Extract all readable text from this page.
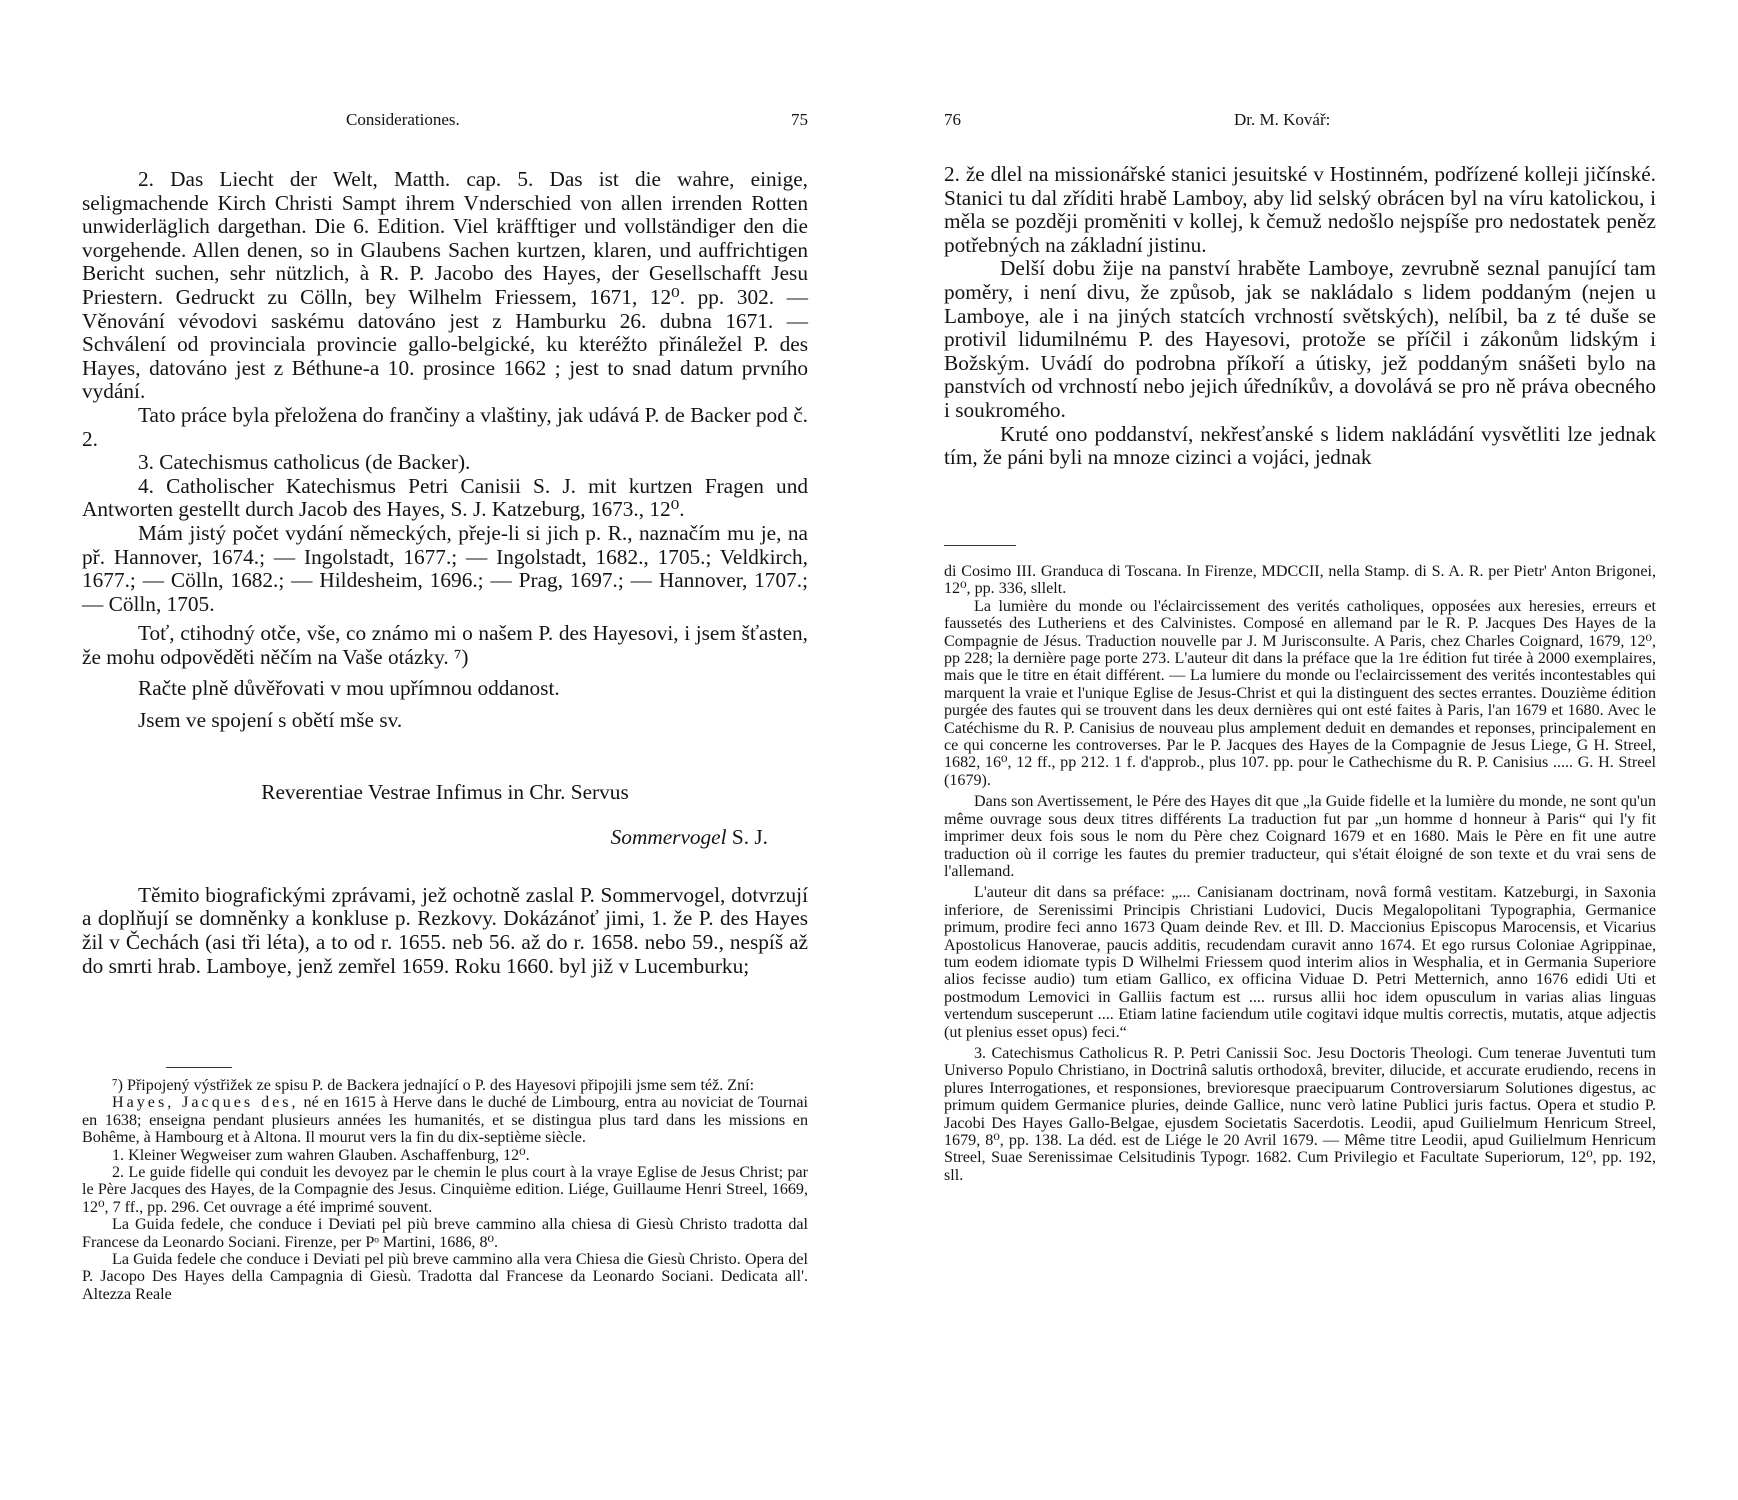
Considerationes.	75

2. Das Liecht der Welt, Matth. cap. 5. Das ist die wahre, einige, seligmachende Kirch Christi Sampt ihrem Vnderschied von allen irrenden Rotten unwiderläglich dargethan. Die 6. Edition. Viel kräfftiger und vollständiger den die vorgehende. Allen denen, so in Glaubens Sachen kurtzen, klaren, und auffrichtigen Bericht suchen, sehr nützlich, à R. P. Jacobo des Hayes, der Gesellschafft Jesu Priestern. Gedruckt zu Cölln, bey Wilhelm Friessem, 1671, 12⁰. pp. 302. — Věnování vévodovi saskému datováno jest z Hamburku 26. dubna 1671. — Schválení od provinciala provincie gallo-belgické, ku kteréžto přináležel P. des Hayes, datováno jest z Béthune-a 10. prosince 1662 ; jest to snad datum prvního vydání.

Tato práce byla přeložena do frančiny a vlaštiny, jak udává P. de Backer pod č. 2.

3. Catechismus catholicus (de Backer).

4. Catholischer Katechismus Petri Canisii S. J. mit kurtzen Fragen und Antworten gestellt durch Jacob des Hayes, S. J. Katzeburg, 1673., 12⁰.

Mám jistý počet vydání německých, přeje-li si jich p. R., naznačím mu je, na př. Hannover, 1674.; — Ingolstadt, 1677.; — Ingolstadt, 1682., 1705.; Veldkirch, 1677.; — Cölln, 1682.; — Hildesheim, 1696.; — Prag, 1697.; — Hannover, 1707.; — Cölln, 1705.

Toť, ctihodný otče, vše, co známo mi o našem P. des Hayesovi, i jsem šťasten, že mohu odpověděti něčím na Vaše otázky. ⁷)

Račte plně důvěřovati v mou upřímnou oddanost.

Jsem ve spojení s obětí mše sv.

Reverentiae Vestrae Infimus in Chr. Servus

Sommervogel S. J.

Těmito biografickými zprávami, jež ochotně zaslal P. Sommervogel, dotvrzují a doplňují se domněnky a konkluse p. Rezkovy. Dokázánoť jimi, 1. že P. des Hayes žil v Čechách (asi tři léta), a to od r. 1655. neb 56. až do r. 1658. nebo 59., nespíš až do smrti hrab. Lamboye, jenž zemřel 1659. Roku 1660. byl již v Lucemburku;

⁷) Připojený výstřižek ze spisu P. de Backera jednající o P. des Hayesovi připojili jsme sem též. Zní:

Hayes, Jacques des, né en 1615 à Herve dans le duché de Limbourg, entra au noviciat de Tournai en 1638; enseigna pendant plusieurs années les humanités, et se distingua plus tard dans les missions en Bohême, à Hambourg et à Altona. Il mourut vers la fin du dix-septième siècle.

1. Kleiner Wegweiser zum wahren Glauben. Aschaffenburg, 12⁰.

2. Le guide fidelle qui conduit les devoyez par le chemin le plus court à la vraye Eglise de Jesus Christ; par le Père Jacques des Hayes, de la Compagnie des Jesus. Cinquième edition. Liége, Guillaume Henri Streel, 1669, 12⁰, 7 ff., pp. 296. Cet ouvrage a été imprimé souvent.

La Guida fedele, che conduce i Deviati pel più breve cammino alla chiesa di Giesù Christo tradotta dal Francese da Leonardo Sociani. Firenze, per Pᵒ Martini, 1686, 8⁰.

La Guida fedele che conduce i Deviati pel più breve cammino alla vera Chiesa die Giesù Christo. Opera del P. Jacopo Des Hayes della Campagnia di Giesù. Tradotta dal Francese da Leonardo Sociani. Dedicata all'. Altezza Reale

76	Dr. M. Kovář:

2. že dlel na missionářské stanici jesuitské v Hostinném, podřízené kolleji jičínské. Stanici tu dal zříditi hrabě Lamboy, aby lid selský obrácen byl na víru katolickou, i měla se později proměniti v kollej, k čemuž nedošlo nejspíše pro nedostatek peněz potřebných na základní jistinu.

Delší dobu žije na panství hraběte Lamboye, zevrubně seznal panující tam poměry, i není divu, že způsob, jak se nakládalo s lidem poddaným (nejen u Lamboye, ale i na jiných statcích vrchností světských), nelíbil, ba z té duše se protivil lidumilnému P. des Hayesovi, protože se příčil i zákonům lidským i Božským. Uvádí do podrobna příkoří a útisky, jež poddaným snášeti bylo na panstvích od vrchností nebo jejich úředníkův, a dovolává se pro ně práva obecného i soukromého.

Kruté ono poddanství, nekřesťanské s lidem nakládání vysvětliti lze jednak tím, že páni byli na mnoze cizinci a vojáci, jednak

di Cosimo III. Granduca di Toscana. In Firenze, MDCCII, nella Stamp. di S. A. R. per Pietr' Anton Brigonei, 12⁰, pp. 336, sllelt.

La lumière du monde ou l'éclaircissement des verités catholiques, opposées aux heresies, erreurs et faussetés des Lutheriens et des Calvinistes. Composé en allemand par le R. P. Jacques Des Hayes de la Compagnie de Jésus. Traduction nouvelle par J. M Jurisconsulte. A Paris, chez Charles Coignard, 1679, 12⁰, pp 228; la dernière page porte 273. L'auteur dit dans la préface que la 1re édition fut tirée à 2000 exemplaires, mais que le titre en était différent. — La lumiere du monde ou l'eclaircissement des verités incontestables qui marquent la vraie et l'unique Eglise de Jesus-Christ et qui la distinguent des sectes errantes. Douzième édition purgée des fautes qui se trouvent dans les deux dernières qui ont esté faites à Paris, l'an 1679 et 1680. Avec le Catéchisme du R. P. Canisius de nouveau plus amplement deduit en demandes et reponses, principalement en ce qui concerne les controverses. Par le P. Jacques des Hayes de la Compagnie de Jesus Liege, G H. Streel, 1682, 16⁰, 12 ff., pp 212. 1 f. d'approb., plus 107. pp. pour le Cathechisme du R. P. Canisius ..... G. H. Streel (1679).

Dans son Avertissement, le Pére des Hayes dit que „la Guide fidelle et la lumière du monde, ne sont qu'un même ouvrage sous deux titres différents La traduction fut par „un homme d honneur à Paris“ qui l'y fit imprimer deux fois sous le nom du Père chez Coignard 1679 et en 1680. Mais le Père en fit une autre traduction où il corrige les fautes du premier traducteur, qui s'était éloigné de son texte et du vrai sens de l'allemand.

L'auteur dit dans sa préface: „... Canisianam doctrinam, novâ formâ vestitam. Katzeburgi, in Saxonia inferiore, de Serenissimi Principis Christiani Ludovici, Ducis Megalopolitani Typographia, Germanice primum, prodire feci anno 1673 Quam deinde Rev. et Ill. D. Maccionius Episcopus Marocensis, et Vicarius Apostolicus Hanoverae, paucis additis, recudendam curavit anno 1674. Et ego rursus Coloniae Agrippinae, tum eodem idiomate typis D Wilhelmi Friessem quod interim alios in Wesphalia, et in Germania Superiore alios fecisse audio) tum etiam Gallico, ex officina Viduae D. Petri Metternich, anno 1676 edidi Uti et postmodum Lemovici in Galliis factum est .... rursus allii hoc idem opusculum in varias alias linguas vertendum susceperunt .... Etiam latine faciendum utile cogitavi idque multis correctis, mutatis, atque adjectis (ut plenius esset opus) feci.“

3. Catechismus Catholicus R. P. Petri Canissii Soc. Jesu Doctoris Theologi. Cum tenerae Juventuti tum Universo Populo Christiano, in Doctrinâ salutis orthodoxâ, breviter, dilucide, et accurate erudiendo, recens in plures Interrogationes, et responsiones, brevioresque praecipuarum Controversiarum Solutiones digestus, ac primum quidem Germanice pluries, deinde Gallice, nunc verò latine Publici juris factus. Opera et studio P. Jacobi Des Hayes Gallo-Belgae, ejusdem Societatis Sacerdotis. Leodii, apud Guilielmum Henricum Streel, 1679, 8⁰, pp. 138. La déd. est de Liége le 20 Avril 1679. — Même titre Leodii, apud Guilielmum Henricum Streel, Suae Serenissimae Celsitudinis Typogr. 1682. Cum Privilegio et Facultate Superiorum, 12⁰, pp. 192, sll.
